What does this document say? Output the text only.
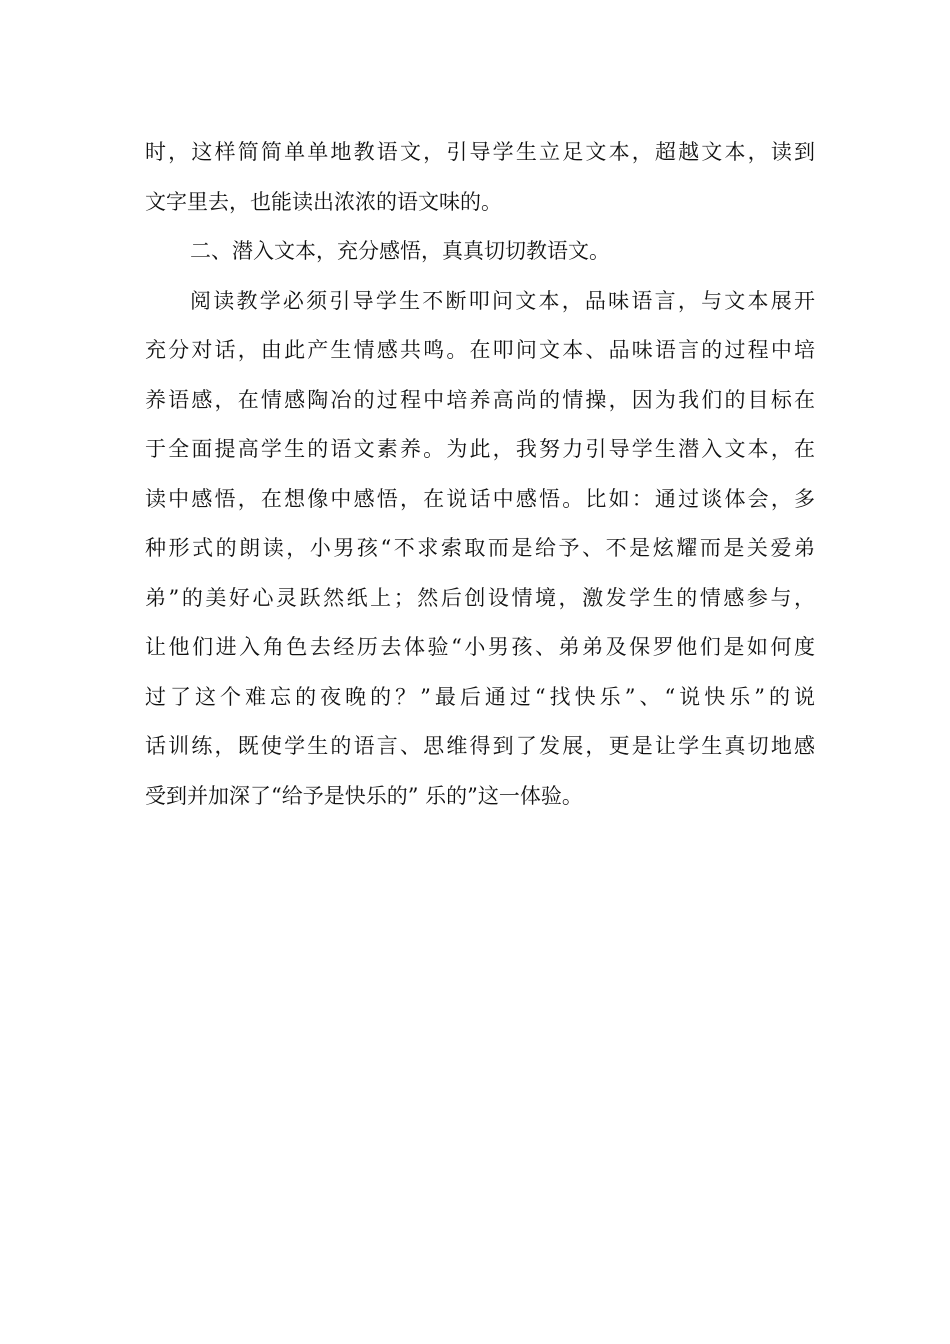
时，这样简简单单地教语文，引导学生立足文本，超越文本，读到
文字里去，也能读出浓浓的语文味的。
二、潜入文本，充分感悟，真真切切教语文。
阅读教学必须引导学生不断叩问文本，品味语言，与文本展开
充分对话，由此产生情感共鸣。在叩问文本、品味语言的过程中培
养语感，在情感陶冶的过程中培养高尚的情操，因为我们的目标在
于全面提高学生的语文素养。为此，我努力引导学生潜入文本，在
读中感悟，在想像中感悟，在说话中感悟。比如：通过谈体会，多
种形式的朗读，小男孩“不求索取而是给予、不是炫耀而是关爱弟
弟”的美好心灵跃然纸上；然后创设情境，激发学生的情感参与，
让他们进入角色去经历去体验“小男孩、弟弟及保罗他们是如何度
过了这个难忘的夜晚的？”最后通过“找快乐”、“说快乐”的说
话训练，既使学生的语言、思维得到了发展，更是让学生真切地感
受到并加深了“给予是快乐的” 乐的”这一体验。
